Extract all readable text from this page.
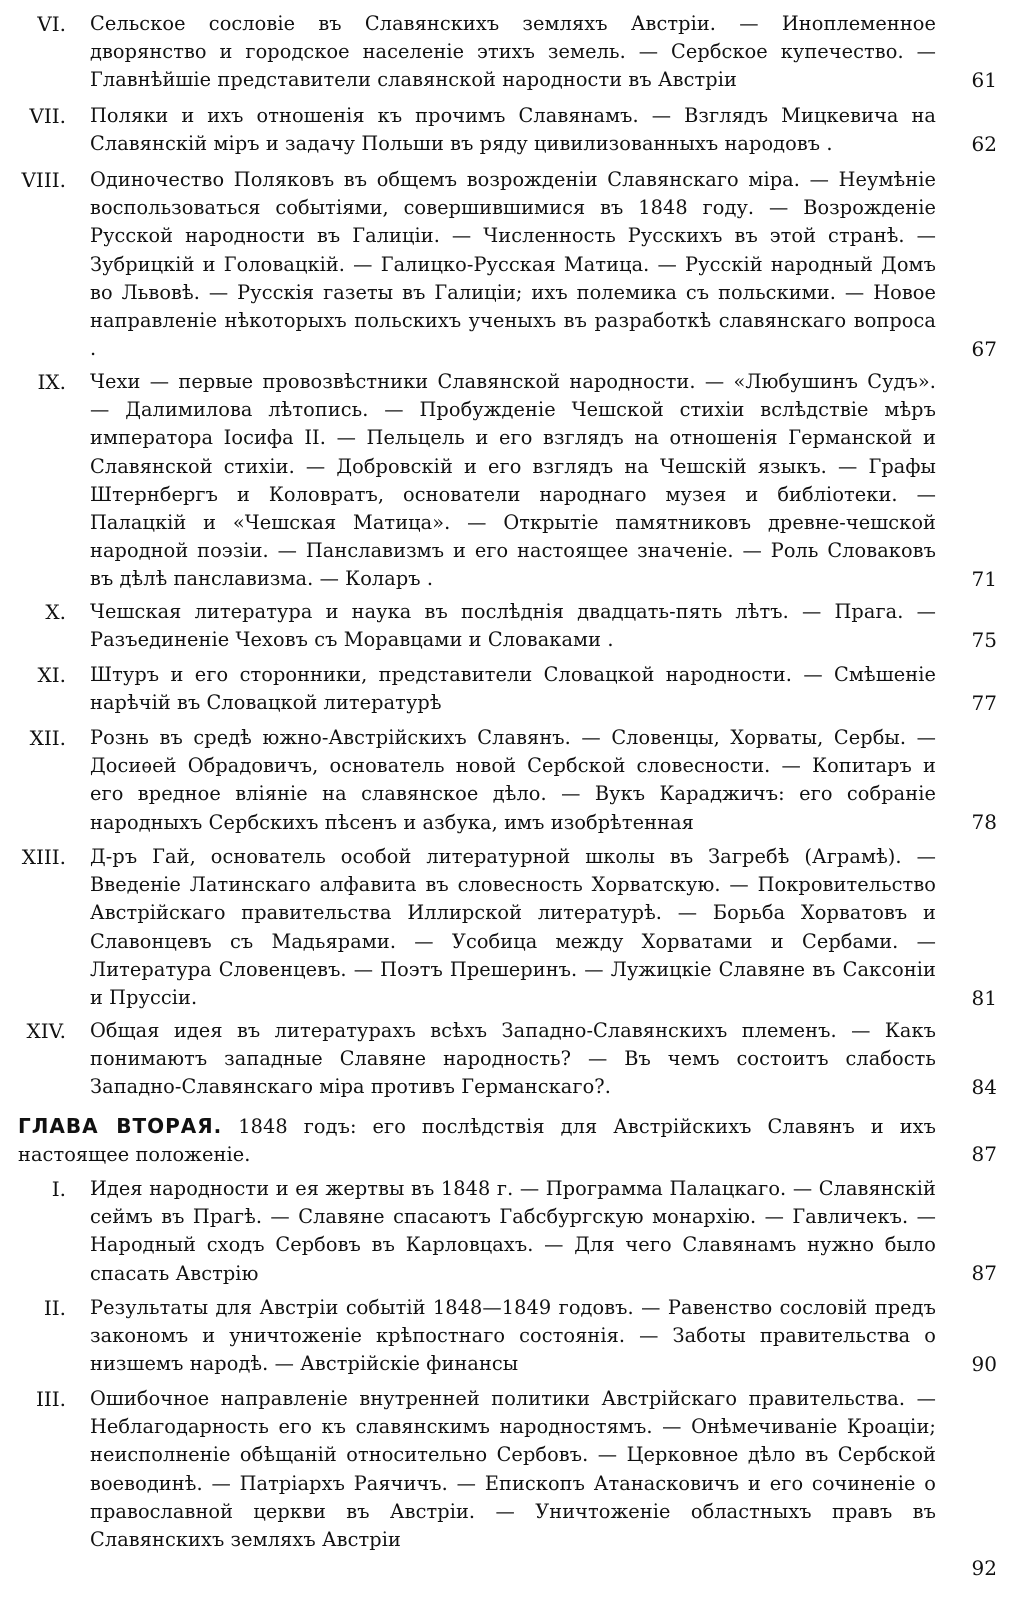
VI. Сельское сословіе въ Славянскихъ земляхъ Австріи. — Иноплеменное дворянство и городское населеніе этихъ земель. — Сербское купечество. — Главнѣйшіе представители славянской народности въ Австріи	61
VII. Поляки и ихъ отношенія къ прочимъ Славянамъ. — Взглядъ Мицкевича на Славянскій міръ и задачу Польши въ ряду цивилизованныхъ народовъ .	62
VIII. Одиночество Поляковъ въ общемъ возрожденіи Славянскаго міра. — Неумѣніе воспользоваться событіями, совершившимися въ 1848 году. — Возрожденіе Русской народности въ Галиціи. — Численность Русскихъ въ этой странѣ. — Зубрицкій и Головацкій. — Галицко-Русская Матица. — Русскій народный Домъ во Львовѣ. — Русскія газеты въ Галиціи; ихъ полемика съ польскими. — Новое направленіе нѣкоторыхъ польскихъ ученыхъ въ разработкѣ славянскаго вопроса .	67
IX. Чехи — первые провозвѣстники Славянской народности. — «Любушинъ Судъ». — Далимилова лѣтопись. — Пробужденіе Чешской стихіи вслѣдствіе мѣръ императора Іосифа II. — Пельцель и его взглядъ на отношенія Германской и Славянской стихіи. — Добровскій и его взглядъ на Чешскій языкъ. — Графы Штернбергъ и Коловратъ, основатели народнаго музея и библіотеки. — Палацкій и «Чешская Матица». — Открытіе памятниковъ древне-чешской народной поэзіи. — Панславизмъ и его настоящее значеніе. — Роль Словаковъ въ дѣлѣ панславизма. — Коларъ .	71
X. Чешская литература и наука въ послѣднія двадцать-пять лѣтъ. — Прага. — Разъединеніе Чеховъ съ Моравцами и Словаками .	75
XI. Штуръ и его сторонники, представители Словацкой народности. — Смѣшеніе нарѣчій въ Словацкой литературѣ	77
XII. Рознь въ средѣ южно-Австрійскихъ Славянъ. — Словенцы, Хорваты, Сербы. — Досиѳей Обрадовичъ, основатель новой Сербской словесности. — Копитаръ и его вредное вліяніе на славянское дѣло. — Вукъ Караджичъ: его собраніе народныхъ Сербскихъ пѣсенъ и азбука, имъ изобрѣтенная	78
XIII. Д-ръ Гай, основатель особой литературной школы въ Загребѣ (Аграмѣ). — Введеніе Латинскаго алфавита въ словесность Хорватскую. — Покровительство Австрійскаго правительства Иллирской литературѣ. — Борьба Хорватовъ и Славонцевъ съ Мадьярами. — Усобица между Хорватами и Сербами. — Литература Словенцевъ. — Поэтъ Прешеринъ. — Лужицкіе Славяне въ Саксоніи и Пруссіи.	81
XIV. Общая идея въ литературахъ всѣхъ Западно-Славянскихъ племенъ. — Какъ понимаютъ западные Славяне народность? — Въ чемъ состоитъ слабость Западно-Славянскаго міра противъ Германскаго?.	84
ГЛАВА ВТОРАЯ. 1848 годъ: его послѣдствія для Австрійскихъ Славянъ и ихъ настоящее положеніе.	87
I. Идея народности и ея жертвы въ 1848 г. — Программа Палацкаго. — Славянскій сеймъ въ Прагѣ. — Славяне спасаютъ Габсбургскую монархію. — Гавличекъ. — Народный сходъ Сербовъ въ Карловцахъ. — Для чего Славянамъ нужно было спасать Австрію	87
II. Результаты для Австріи событій 1848—1849 годовъ. — Равенство сословій предъ закономъ и уничтоженіе крѣпостнаго состоянія. — Заботы правительства о низшемъ народѣ. — Австрійскіе финансы	90
III. Ошибочное направленіе внутренней политики Австрійскаго правительства. — Неблагодарность его къ славянскимъ народностямъ. — Онѣмечиваніе Кроаціи; неисполненіе обѣщаній относительно Сербовъ. — Церковное дѣло въ Сербской воеводинѣ. — Патріархъ Раячичъ. — Епископъ Атанасковичъ и его сочиненіе о православной церкви въ Австріи. — Уничтоженіе областныхъ правъ въ Славянскихъ земляхъ Австріи
92
